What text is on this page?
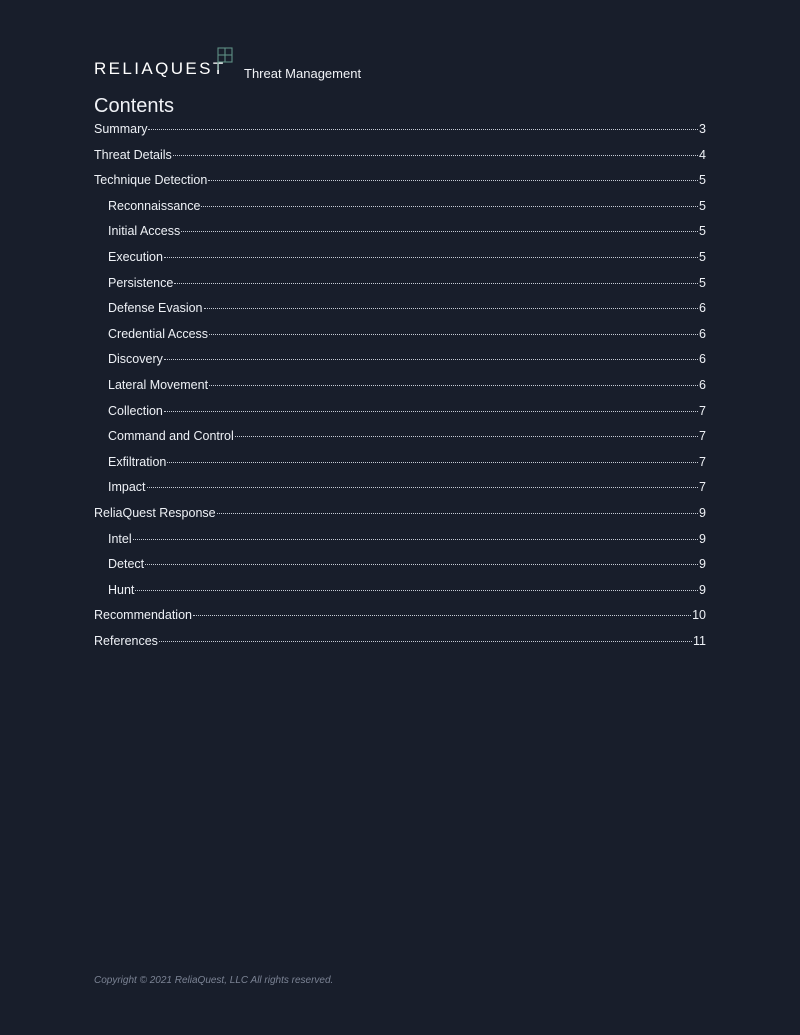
RELIAQUEST Threat Management
Contents
Summary	3
Threat Details	4
Technique Detection	5
Reconnaissance	5
Initial Access	5
Execution	5
Persistence	5
Defense Evasion	6
Credential Access	6
Discovery	6
Lateral Movement	6
Collection	7
Command and Control	7
Exfiltration	7
Impact	7
ReliaQuest Response	9
Intel	9
Detect	9
Hunt	9
Recommendation	10
References	11
Copyright © 2021 ReliaQuest, LLC All rights reserved.
